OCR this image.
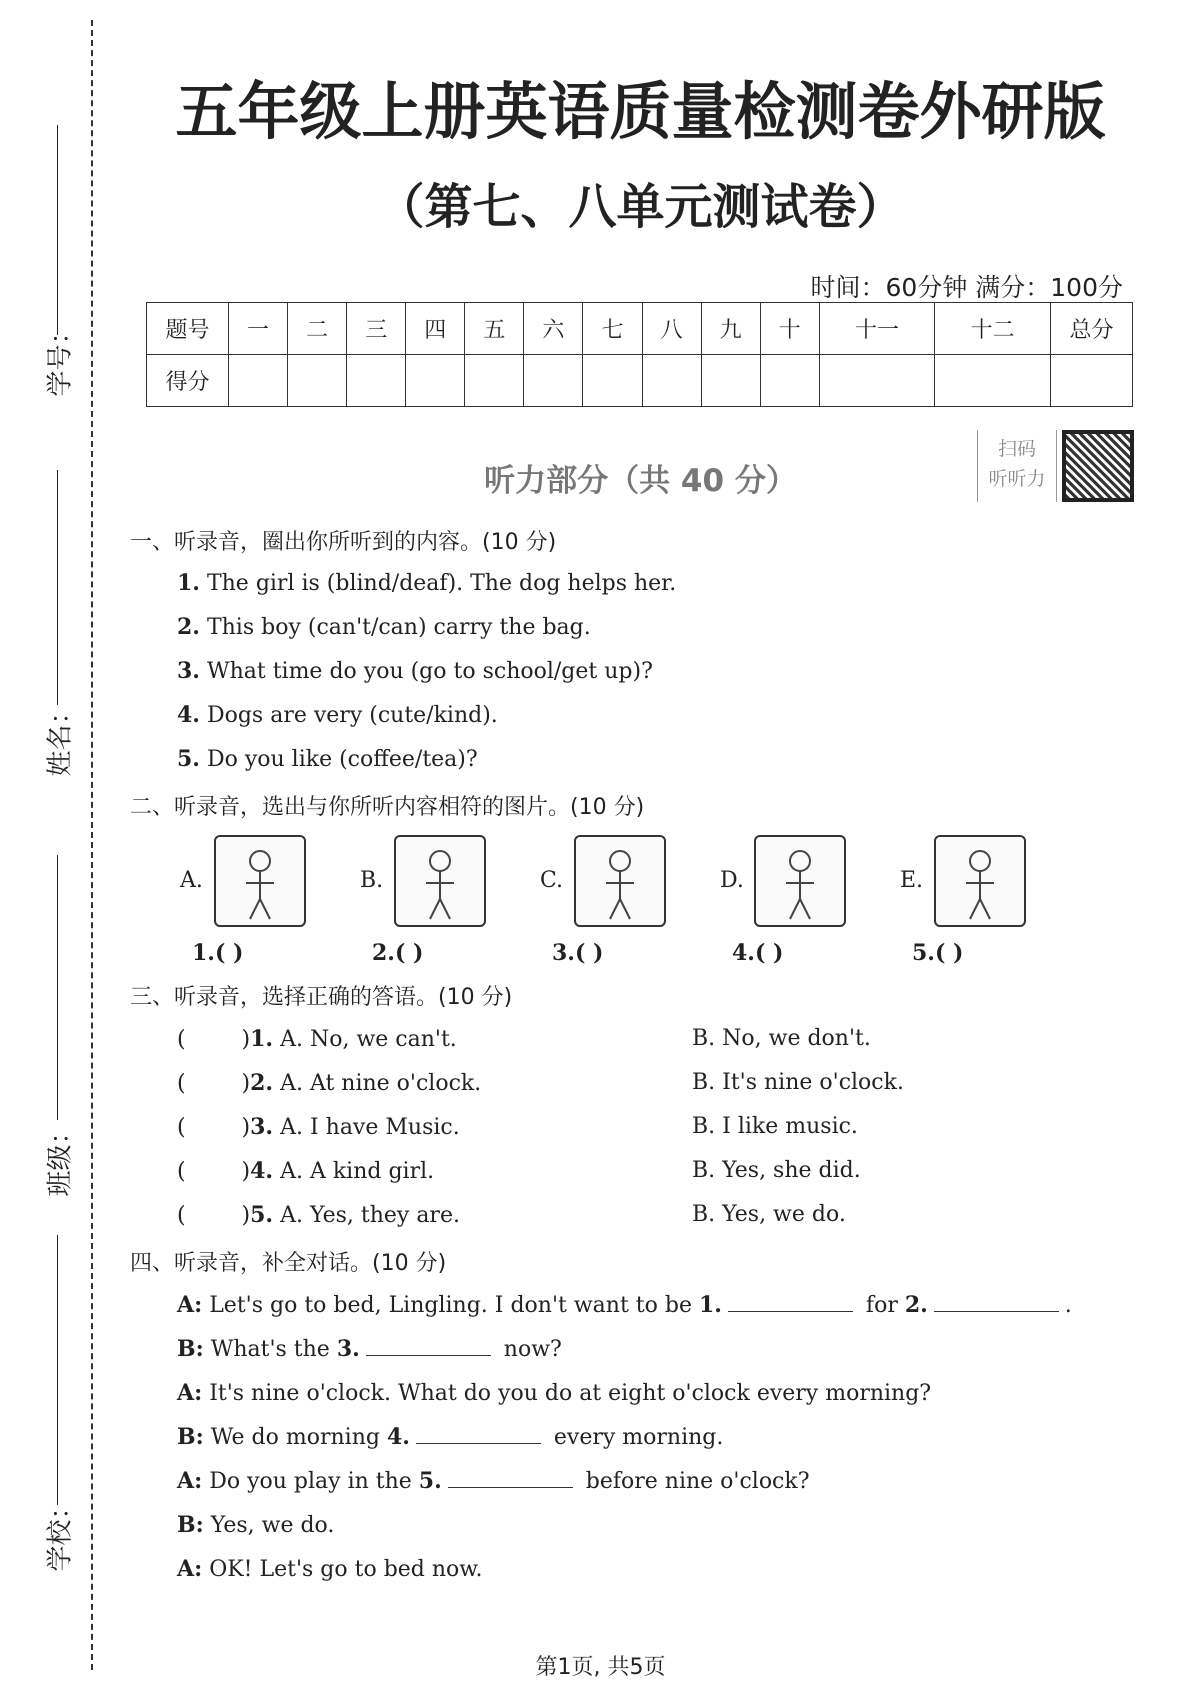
学号：
姓名：
班级：
学校：
五年级上册英语质量检测卷外研版
（第七、八单元测试卷）
时间：60分钟 满分：100分
题号	一	二	三	四	五	六	七	八	九	十	十一	十二	总分
得分													
听力部分（共 40 分）
扫码
听听力
一、听录音，圈出你所听到的内容。(10 分)
二、听录音，选出与你所听内容相符的图片。(10 分)
三、听录音，选择正确的答语。(10 分)
四、听录音，补全对话。(10 分)
第1页, 共5页
1. The girl is (blind/deaf). The dog helps her.
2. This boy (can't/can) carry the bag.
3. What time do you (go to school/get up)?
4. Dogs are very (cute/kind).
5. Do you like (coffee/tea)?
A.
1.( )
B.
2.( )
C.
3.( )
D.
4.( )
E.
5.( )
(        )1. A. No, we can't.	B. No, we don't.
(        )2. A. At nine o'clock.	B. It's nine o'clock.
(        )3. A. I have Music.	B. I like music.
(        )4. A. A kind girl.	B. Yes, she did.
(        )5. A. Yes, they are.	B. Yes, we do.
A: Let's go to bed, Lingling. I don't want to be 1.	for 2.	.
B: What's the 3.	now?
A: It's nine o'clock. What do you do at eight o'clock every morning?
B: We do morning 4.	every morning.
A: Do you play in the 5.	before nine o'clock?
B: Yes, we do.
A: OK! Let's go to bed now.
